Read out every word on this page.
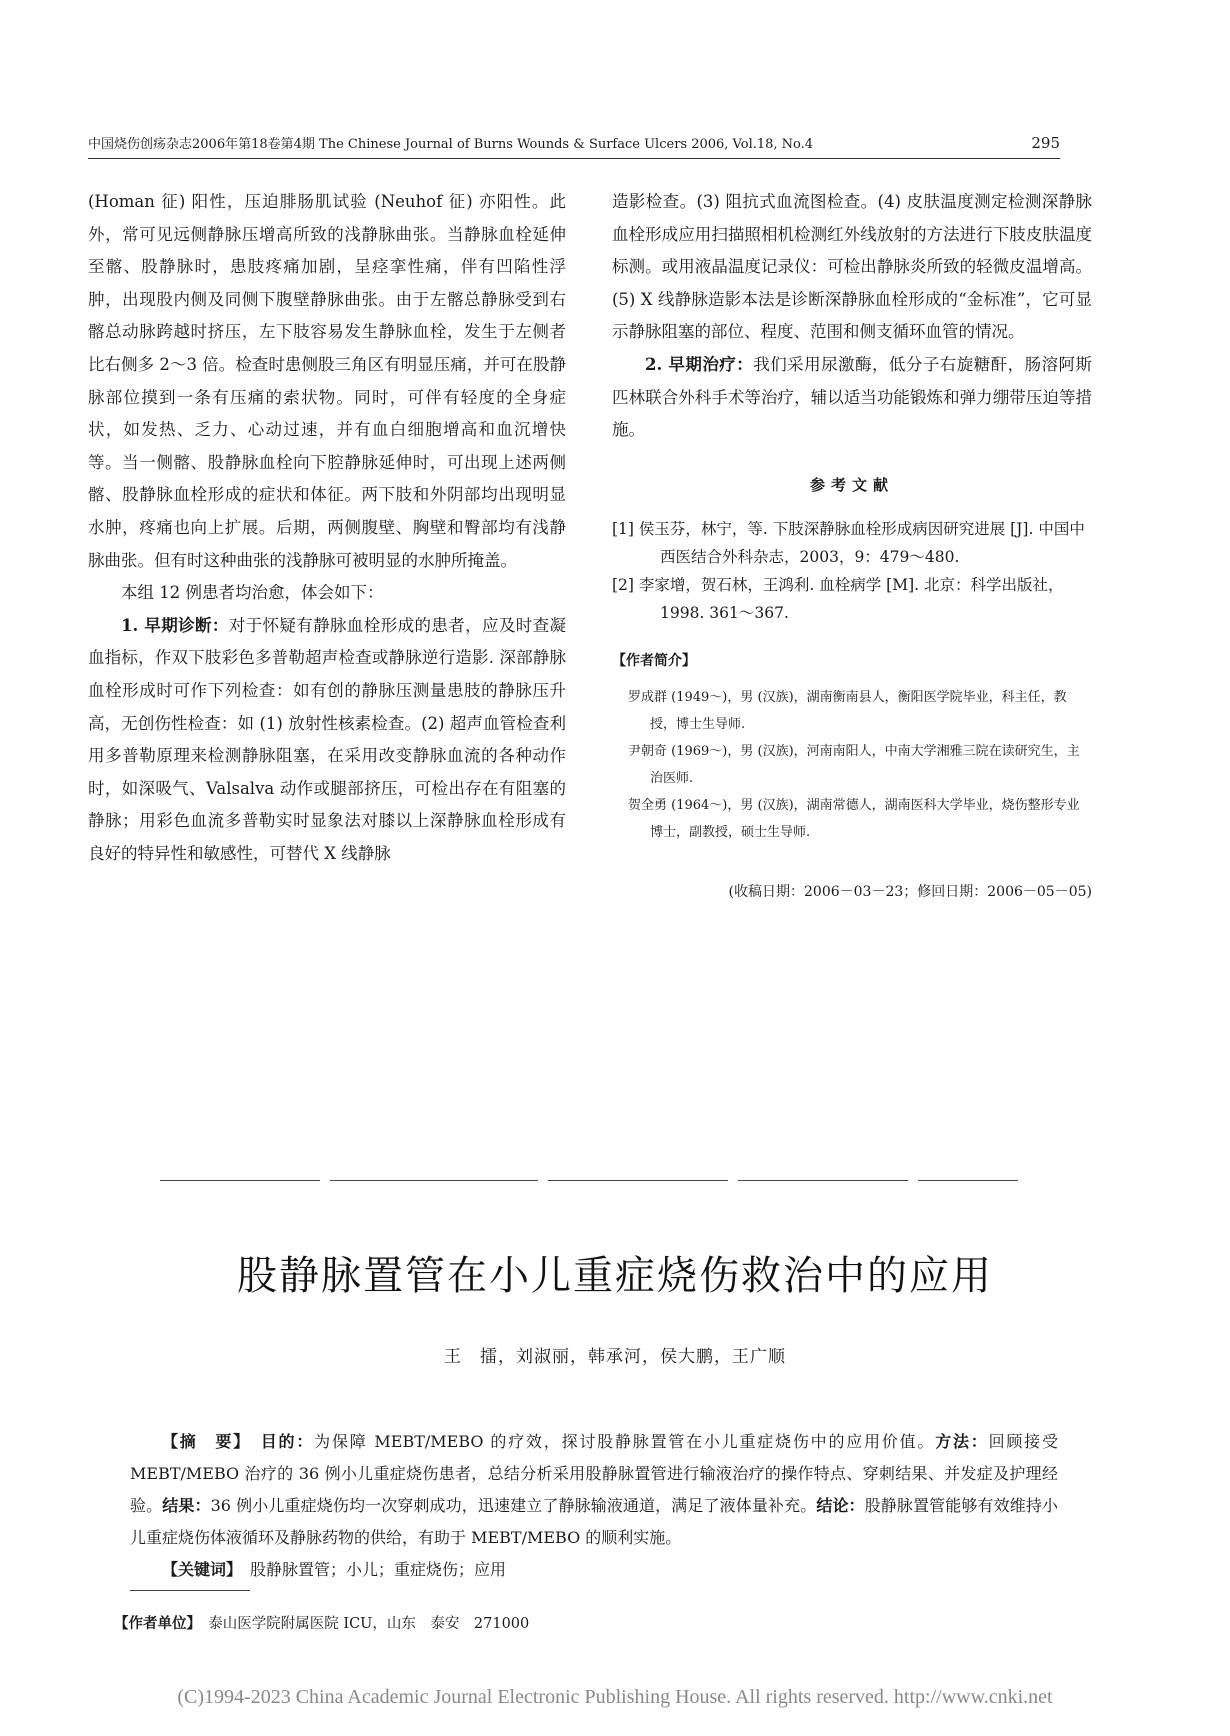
中国烧伤创疡杂志2006年第18卷第4期 The Chinese Journal of Burns Wounds & Surface Ulcers 2006, Vol.18, No.4	295

(Homan 征) 阳性，压迫腓肠肌试验 (Neuhof 征) 亦阳性。此外，常可见远侧静脉压增高所致的浅静脉曲张。当静脉血栓延伸至髂、股静脉时，患肢疼痛加剧，呈痉挛性痛，伴有凹陷性浮肿，出现股内侧及同侧下腹壁静脉曲张。由于左髂总静脉受到右髂总动脉跨越时挤压，左下肢容易发生静脉血栓，发生于左侧者比右侧多 2～3 倍。检查时患侧股三角区有明显压痛，并可在股静脉部位摸到一条有压痛的索状物。同时，可伴有轻度的全身症状，如发热、乏力、心动过速，并有血白细胞增高和血沉增快等。当一侧髂、股静脉血栓向下腔静脉延伸时，可出现上述两侧髂、股静脉血栓形成的症状和体征。两下肢和外阴部均出现明显水肿，疼痛也向上扩展。后期，两侧腹壁、胸壁和臀部均有浅静脉曲张。但有时这种曲张的浅静脉可被明显的水肿所掩盖。

本组 12 例患者均治愈，体会如下：

1. 早期诊断：对于怀疑有静脉血栓形成的患者，应及时查凝血指标，作双下肢彩色多普勒超声检查或静脉逆行造影. 深部静脉血栓形成时可作下列检查：如有创的静脉压测量患肢的静脉压升高，无创伤性检查：如 (1) 放射性核素检查。(2) 超声血管检查利用多普勒原理来检测静脉阻塞，在采用改变静脉血流的各种动作时，如深吸气、Valsalva 动作或腿部挤压，可检出存在有阻塞的静脉；用彩色血流多普勒实时显象法对膝以上深静脉血栓形成有良好的特异性和敏感性，可替代 X 线静脉

造影检查。(3) 阻抗式血流图检查。(4) 皮肤温度测定检测深静脉血栓形成应用扫描照相机检测红外线放射的方法进行下肢皮肤温度标测。或用液晶温度记录仪：可检出静脉炎所致的轻微皮温增高。(5) X 线静脉造影本法是诊断深静脉血栓形成的“金标准”，它可显示静脉阻塞的部位、程度、范围和侧支循环血管的情况。

2. 早期治疗：我们采用尿激酶，低分子右旋糖酐，肠溶阿斯匹林联合外科手术等治疗，辅以适当功能锻炼和弹力绷带压迫等措施。

参考文献

[1] 侯玉芬，林宁，等. 下肢深静脉血栓形成病因研究进展 [J]. 中国中西医结合外科杂志，2003，9：479～480.

[2] 李家增，贺石林，王鸿利. 血栓病学 [M]. 北京：科学出版社，1998. 361～367.

【作者简介】

罗成群 (1949～)，男 (汉族)，湖南衡南县人，衡阳医学院毕业，科主任，教授，博士生导师.

尹朝奇 (1969～)，男 (汉族)，河南南阳人，中南大学湘雅三院在读研究生，主治医师.

贺全勇 (1964～)，男 (汉族)，湖南常德人，湖南医科大学毕业，烧伤整形专业博士，副教授，硕士生导师.

(收稿日期：2006－03－23；修回日期：2006－05－05)
股静脉置管在小儿重症烧伤救治中的应用
王　擂，刘淑丽，韩承河，侯大鹏，王广顺

【摘　要】　 目的：为保障 MEBT/MEBO 的疗效，探讨股静脉置管在小儿重症烧伤中的应用价值。方法：回顾接受 MEBT/MEBO 治疗的 36 例小儿重症烧伤患者，总结分析采用股静脉置管进行输液治疗的操作特点、穿刺结果、并发症及护理经验。结果：36 例小儿重症烧伤均一次穿刺成功，迅速建立了静脉输液通道，满足了液体量补充。结论：股静脉置管能够有效维持小儿重症烧伤体液循环及静脉药物的供给，有助于 MEBT/MEBO 的顺利实施。

【关键词】　 股静脉置管；小儿；重症烧伤；应用
【作者单位】　 泰山医学院附属医院 ICU，山东　泰安　271000
(C)1994-2023 China Academic Journal Electronic Publishing House. All rights reserved. http://www.cnki.net
